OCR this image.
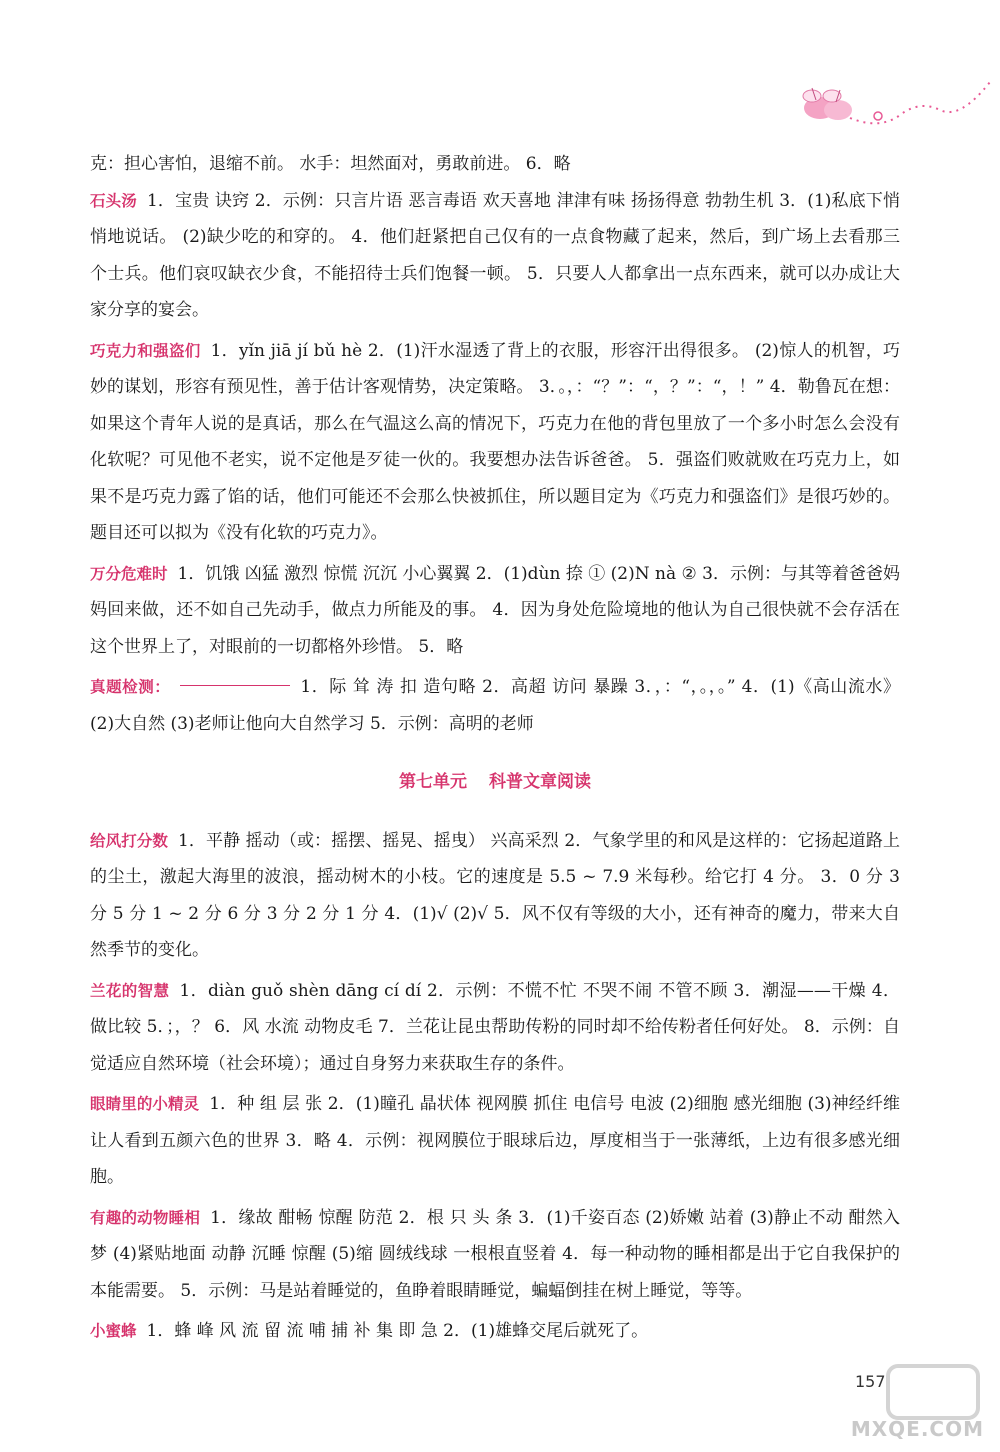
克：担心害怕，退缩不前。 水手：坦然面对，勇敢前进。 6．略

石头汤 1．宝贵 诀窍 2．示例：只言片语 恶言毒语 欢天喜地 津津有味 扬扬得意 勃勃生机 3．(1)私底下悄悄地说话。 (2)缺少吃的和穿的。 4．他们赶紧把自己仅有的一点食物藏了起来，然后，到广场上去看那三个士兵。他们哀叹缺衣少食，不能招待士兵们饱餐一顿。 5．只要人人都拿出一点东西来，就可以办成让大家分享的宴会。

巧克力和强盗们 1．yǐn jiā jí bǔ hè 2．(1)汗水湿透了背上的衣服，形容汗出得很多。 (2)惊人的机智，巧妙的谋划，形容有预见性，善于估计客观情势，决定策略。 3．。，：“？”：“，？”：“，！” 4．勒鲁瓦在想：如果这个青年人说的是真话，那么在气温这么高的情况下，巧克力在他的背包里放了一个多小时怎么会没有化软呢？可见他不老实，说不定他是歹徒一伙的。我要想办法告诉爸爸。 5．强盗们败就败在巧克力上，如果不是巧克力露了馅的话，他们可能还不会那么快被抓住，所以题目定为《巧克力和强盗们》是很巧妙的。 题目还可以拟为《没有化软的巧克力》。

万分危难时 1．饥饿 凶猛 激烈 惊慌 沉沉 小心翼翼 2．(1)dùn 捺 ① (2)N nà ② 3．示例：与其等着爸爸妈妈回来做，还不如自己先动手，做点力所能及的事。 4．因为身处危险境地的他认为自己很快就不会存活在这个世界上了，对眼前的一切都格外珍惜。 5．略

真题检测：	1．际 耸 涛 扣 造句略 2．高超 访问 暴躁 3．，：“，。，。” 4．(1)《高山流水》 (2)大自然 (3)老师让他向大自然学习 5．示例：高明的老师

第七单元 科普文章阅读

给风打分数 1．平静 摇动（或：摇摆、摇晃、摇曳） 兴高采烈 2．气象学里的和风是这样的：它扬起道路上的尘土，激起大海里的波浪，摇动树木的小枝。它的速度是 5.5 ~ 7.9 米每秒。给它打 4 分。 3．0 分 3 分 5 分 1 ~ 2 分 6 分 3 分 2 分 1 分 4．(1)√ (2)√ 5．风不仅有等级的大小，还有神奇的魔力，带来大自然季节的变化。

兰花的智慧 1．diàn guǒ shèn dāng cí dí 2．示例：不慌不忙 不哭不闹 不管不顾 3．潮湿——干燥 4．做比较 5．；，？ 6．风 水流 动物皮毛 7．兰花让昆虫帮助传粉的同时却不给传粉者任何好处。 8．示例：自觉适应自然环境（社会环境）；通过自身努力来获取生存的条件。

眼睛里的小精灵 1．种 组 层 张 2．(1)瞳孔 晶状体 视网膜 抓住 电信号 电波 (2)细胞 感光细胞 (3)神经纤维 让人看到五颜六色的世界 3．略 4．示例：视网膜位于眼球后边，厚度相当于一张薄纸，上边有很多感光细胞。

有趣的动物睡相 1．缘故 酣畅 惊醒 防范 2．根 只 头 条 3．(1)千姿百态 (2)娇嫩 站着 (3)静止不动 酣然入梦 (4)紧贴地面 动静 沉睡 惊醒 (5)缩 圆绒线球 一根根直竖着 4．每一种动物的睡相都是出于它自我保护的本能需要。 5．示例：马是站着睡觉的，鱼睁着眼睛睡觉，蝙蝠倒挂在树上睡觉，等等。

小蜜蜂 1．蜂 峰 风 流 留 流 哺 捕 补 集 即 急 2．(1)雄蜂交尾后就死了。

157
MXQE.COM
